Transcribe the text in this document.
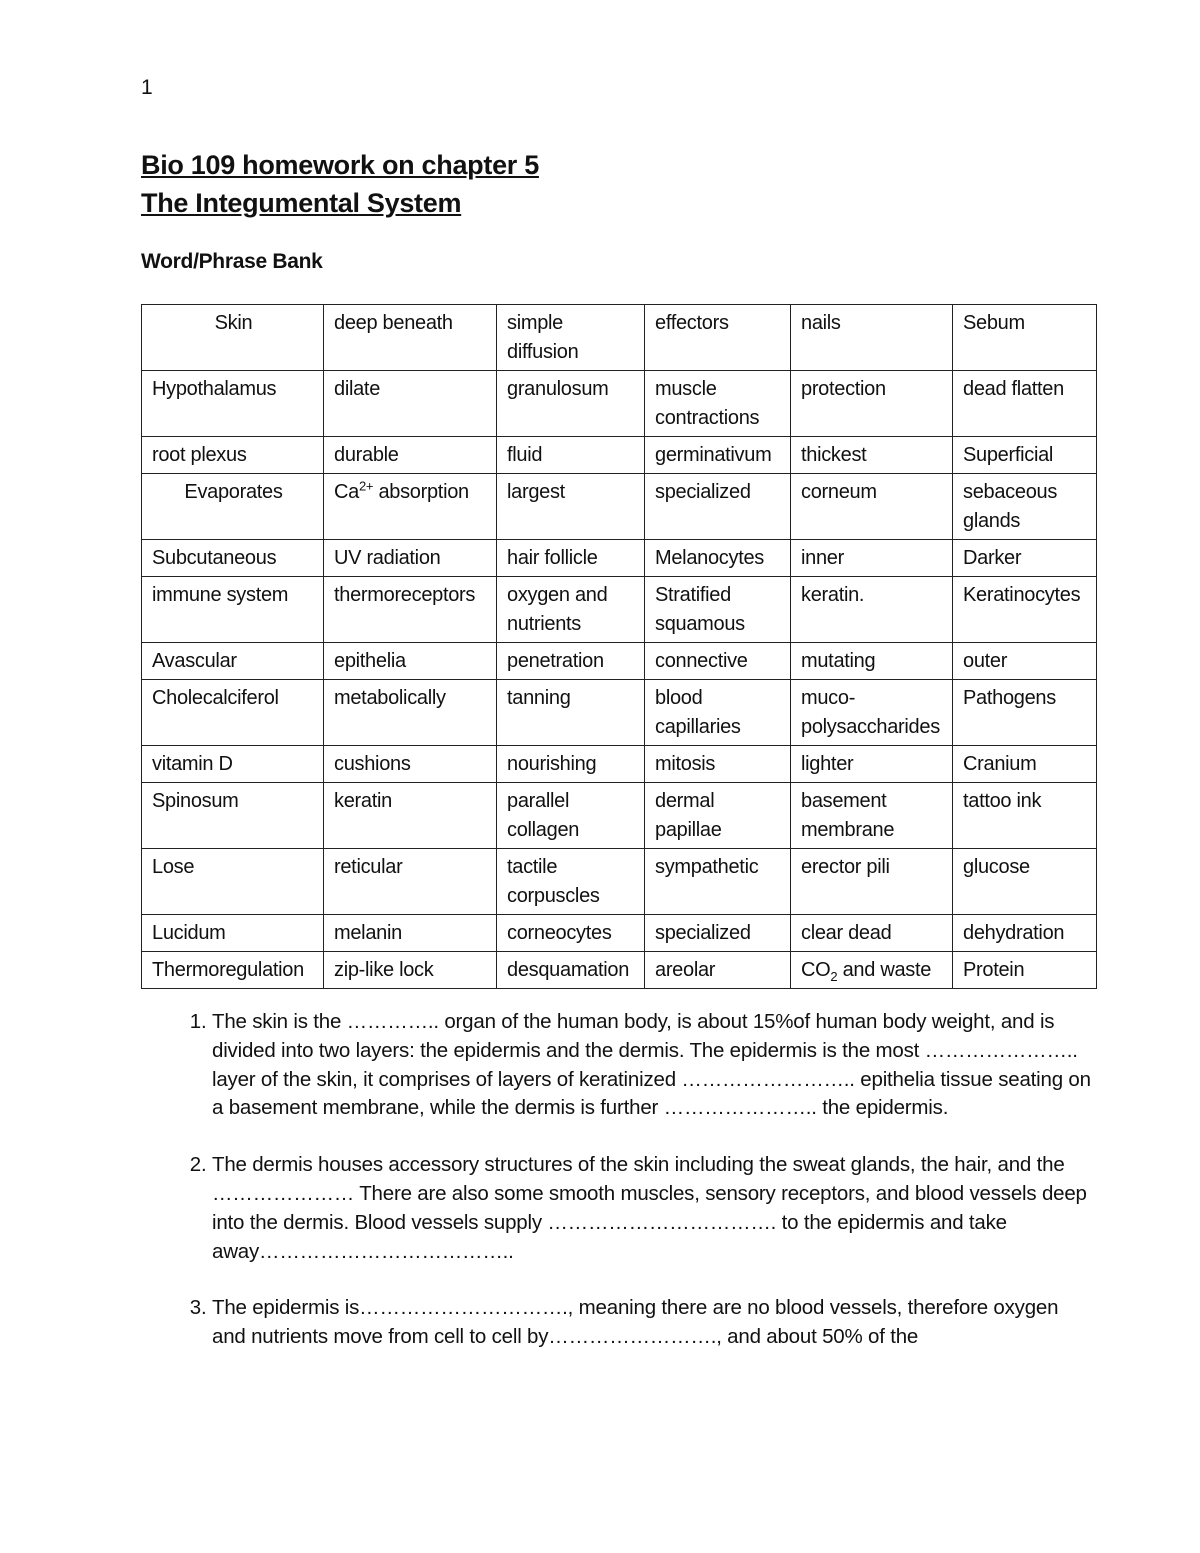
1
Bio 109 homework on chapter 5
The Integumental System
Word/Phrase Bank
Skin	deep beneath	simple diffusion	effectors	nails	Sebum
Hypothalamus	dilate	granulosum	muscle contractions	protection	dead flatten
root plexus	durable	fluid	germinativum	thickest	Superficial
Evaporates	$Ca^{2+}$ absorption	largest	specialized	corneum	sebaceous glands
Subcutaneous	UV radiation	hair follicle	Melanocytes	inner	Darker
immune system	thermoreceptors	oxygen and nutrients	Stratified squamous	keratin.	Keratinocytes
Avascular	epithelia	penetration	connective	mutating	outer
Cholecalciferol	metabolically	tanning	blood capillaries	muco-polysaccharides	Pathogens
vitamin D	cushions	nourishing	mitosis	lighter	Cranium
Spinosum	keratin	parallel collagen	dermal papillae	basement membrane	tattoo ink
Lose	reticular	tactile corpuscles	sympathetic	erector pili	glucose
Lucidum	melanin	corneocytes	specialized	clear dead	dehydration
Thermoregulation	zip-like lock	desquamation	areolar	$CO_2$ and waste	Protein
1. The skin is the ………….. organ of the human body, is about 15%of human body weight, and is divided into two layers: the epidermis and the dermis. The epidermis is the most ………………….. layer of the skin, it comprises of layers of keratinized …………………….. epithelia tissue seating on a basement membrane, while the dermis is further ………………….. the epidermis.
2. The dermis houses accessory structures of the skin including the sweat glands, the hair, and the ………………… There are also some smooth muscles, sensory receptors, and blood vessels deep into the dermis. Blood vessels supply ……………………………. to the epidermis and take away………………………………..
3. The epidermis is…………………………., meaning there are no blood vessels, therefore oxygen and nutrients move from cell to cell by……………………., and about 50% of the
